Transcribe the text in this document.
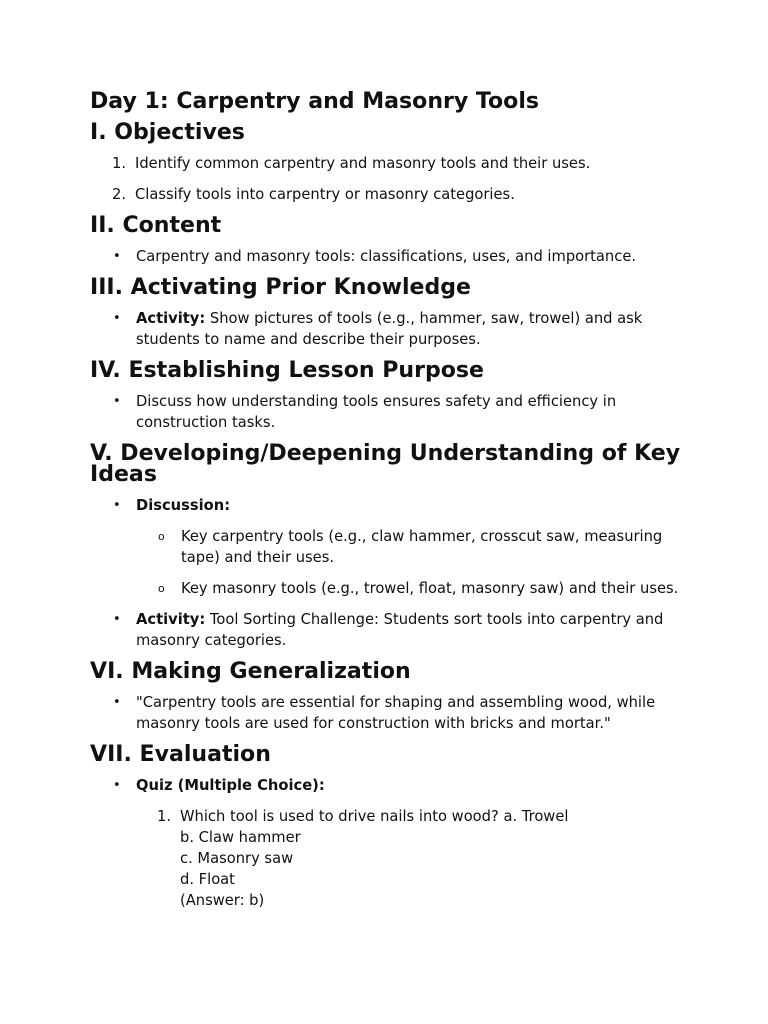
Day 1: Carpentry and Masonry Tools
I. Objectives
1. Identify common carpentry and masonry tools and their uses.
2. Classify tools into carpentry or masonry categories.
II. Content
•	Carpentry and masonry tools: classifications, uses, and importance.
III. Activating Prior Knowledge
•	Activity: Show pictures of tools (e.g., hammer, saw, trowel) and ask students to name and describe their purposes.
IV. Establishing Lesson Purpose
•	Discuss how understanding tools ensures safety and efficiency in construction tasks.
V. Developing/Deepening Understanding of Key Ideas
•	Discussion:
o	Key carpentry tools (e.g., claw hammer, crosscut saw, measuring tape) and their uses.
o	Key masonry tools (e.g., trowel, float, masonry saw) and their uses.
•	Activity: Tool Sorting Challenge: Students sort tools into carpentry and masonry categories.
VI. Making Generalization
•	"Carpentry tools are essential for shaping and assembling wood, while masonry tools are used for construction with bricks and mortar."
VII. Evaluation
•	Quiz (Multiple Choice):
1. Which tool is used to drive nails into wood? a. Trowel
b. Claw hammer
c. Masonry saw
d. Float
(Answer: b)
